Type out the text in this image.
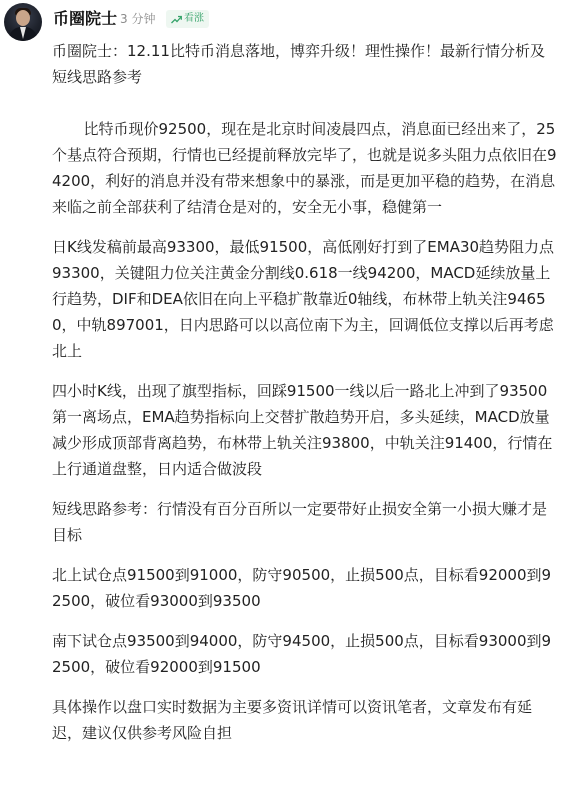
币圈院士 3 分钟	看涨

币圈院士：12.11比特币消息落地，博弈升级！理性操作！最新行情分析及短线思路参考

比特币现价92500，现在是北京时间凌晨四点，消息面已经出来了，25个基点符合预期，行情也已经提前释放完毕了，也就是说多头阻力点依旧在94200，利好的消息并没有带来想象中的暴涨，而是更加平稳的趋势，在消息来临之前全部获利了结清仓是对的，安全无小事，稳健第一

日K线发稿前最高93300，最低91500，高低刚好打到了EMA30趋势阻力点93300，关键阻力位关注黄金分割线0.618一线94200，MACD延续放量上行趋势，DIF和DEA依旧在向上平稳扩散靠近0轴线，布林带上轨关注94650，中轨897001，日内思路可以以高位南下为主，回调低位支撑以后再考虑北上

四小时K线，出现了旗型指标，回踩91500一线以后一路北上冲到了93500第一离场点，EMA趋势指标向上交替扩散趋势开启，多头延续，MACD放量减少形成顶部背离趋势，布林带上轨关注93800，中轨关注91400，行情在上行通道盘整，日内适合做波段

短线思路参考：行情没有百分百所以一定要带好止损安全第一小损大赚才是目标

北上试仓点91500到91000，防守90500，止损500点，目标看92000到92500，破位看93000到93500

南下试仓点93500到94000，防守94500，止损500点，目标看93000到92500，破位看92000到91500

具体操作以盘口实时数据为主要多资讯详情可以资讯笔者，文章发布有延迟，建议仅供参考风险自担
